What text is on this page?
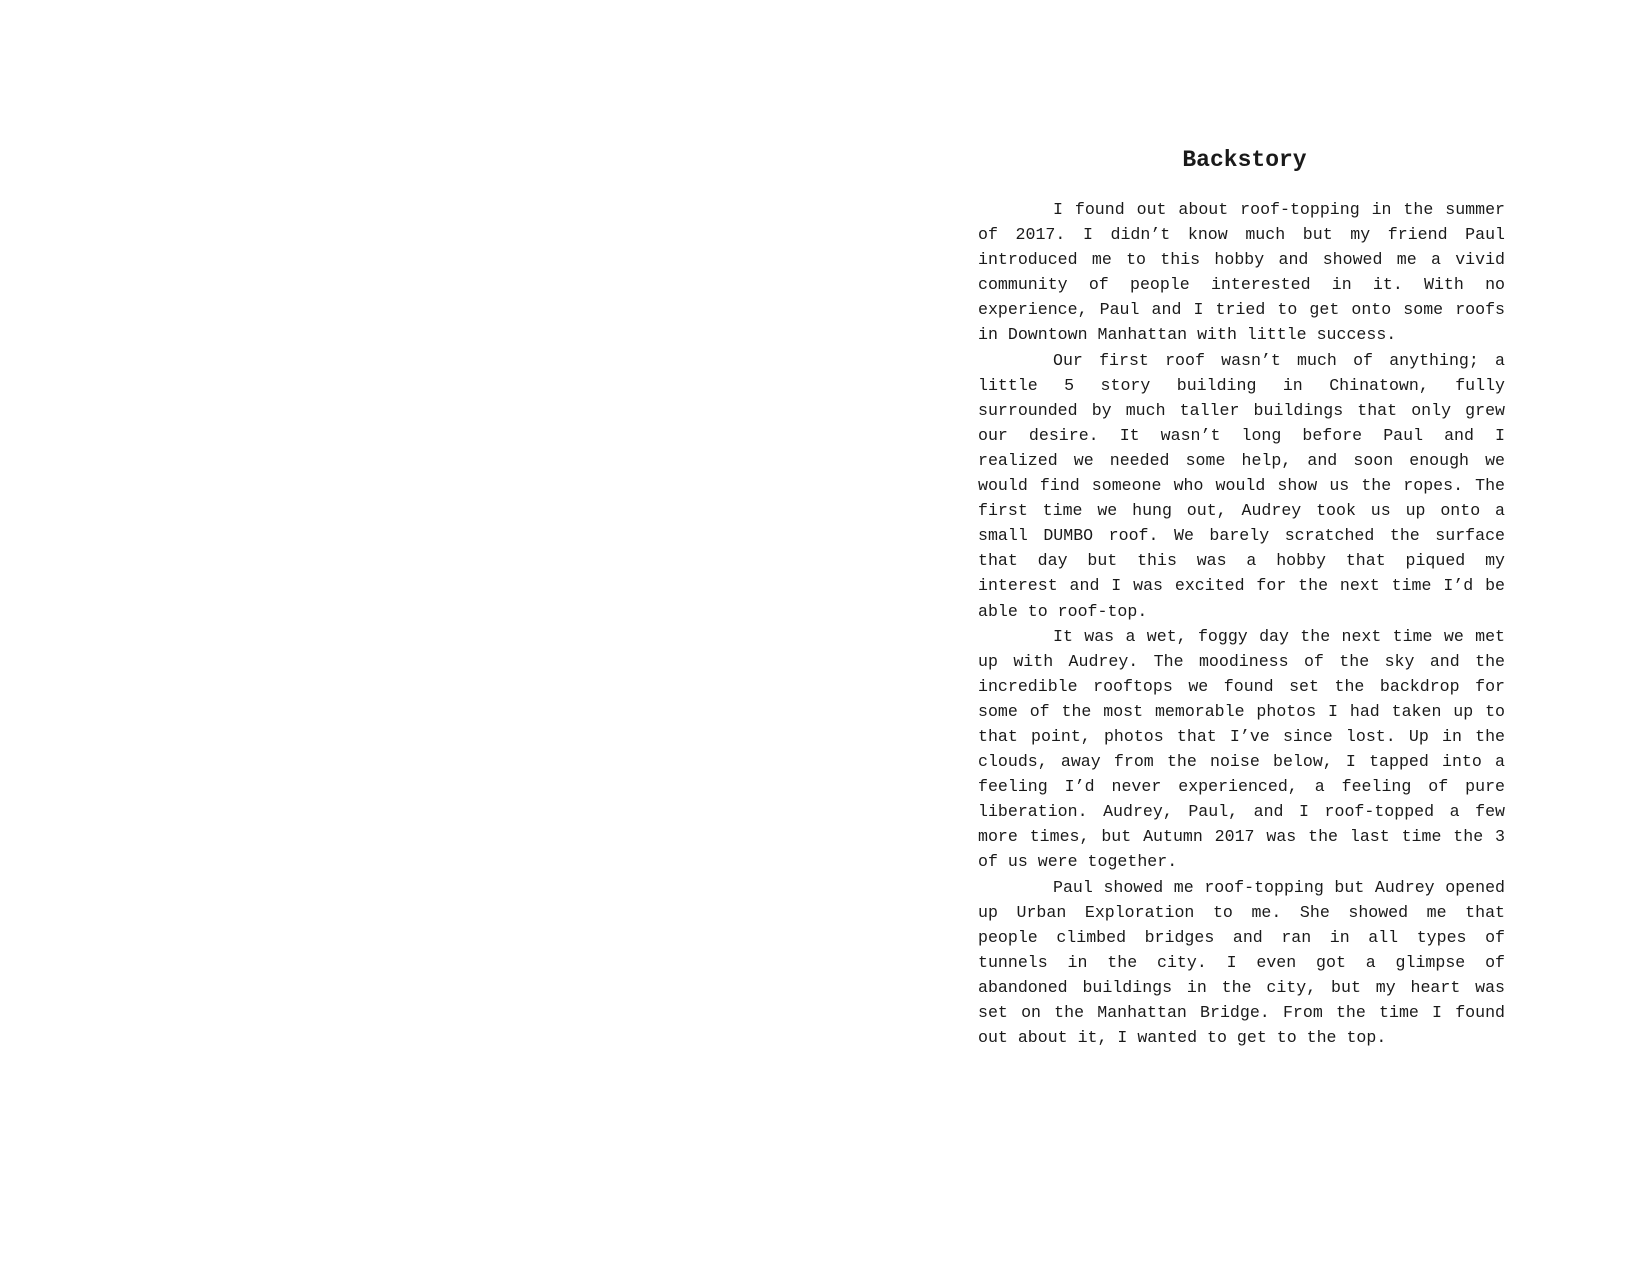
Backstory

I found out about roof-topping in the summer of 2017. I didn’t know much but my friend Paul introduced me to this hobby and showed me a vivid community of people interested in it. With no experience, Paul and I tried to get onto some roofs in Downtown Manhattan with little success.

Our first roof wasn’t much of anything; a little 5 story building in Chinatown, fully surrounded by much taller buildings that only grew our desire. It wasn’t long before Paul and I realized we needed some help, and soon enough we would find someone who would show us the ropes. The first time we hung out, Audrey took us up onto a small DUMBO roof. We barely scratched the surface that day but this was a hobby that piqued my interest and I was excited for the next time I’d be able to roof-top.

It was a wet, foggy day the next time we met up with Audrey. The moodiness of the sky and the incredible rooftops we found set the backdrop for some of the most memorable photos I had taken up to that point, photos that I’ve since lost. Up in the clouds, away from the noise below, I tapped into a feeling I’d never experienced, a feeling of pure liberation. Audrey, Paul, and I roof-topped a few more times, but Autumn 2017 was the last time the 3 of us were together.

Paul showed me roof-topping but Audrey opened up Urban Exploration to me. She showed me that people climbed bridges and ran in all types of tunnels in the city. I even got a glimpse of abandoned buildings in the city, but my heart was set on the Manhattan Bridge. From the time I found out about it, I wanted to get to the top.
